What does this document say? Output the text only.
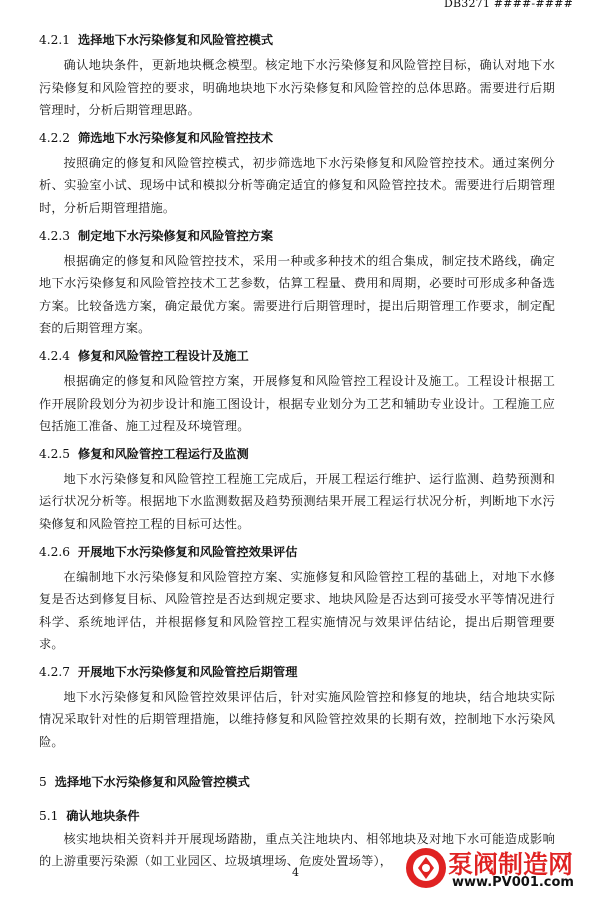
DB3271 ####-####
4.2.1 选择地下水污染修复和风险管控模式

确认地块条件，更新地块概念模型。核定地下水污染修复和风险管控目标，确认对地下水污染修复和风险管控的要求，明确地块地下水污染修复和风险管控的总体思路。需要进行后期管理时，分析后期管理思路。

4.2.2 筛选地下水污染修复和风险管控技术

按照确定的修复和风险管控模式，初步筛选地下水污染修复和风险管控技术。通过案例分析、实验室小试、现场中试和模拟分析等确定适宜的修复和风险管控技术。需要进行后期管理时，分析后期管理措施。

4.2.3 制定地下水污染修复和风险管控方案

根据确定的修复和风险管控技术，采用一种或多种技术的组合集成，制定技术路线，确定地下水污染修复和风险管控技术工艺参数，估算工程量、费用和周期，必要时可形成多种备选方案。比较备选方案，确定最优方案。需要进行后期管理时，提出后期管理工作要求，制定配套的后期管理方案。

4.2.4 修复和风险管控工程设计及施工

根据确定的修复和风险管控方案，开展修复和风险管控工程设计及施工。工程设计根据工作开展阶段划分为初步设计和施工图设计，根据专业划分为工艺和辅助专业设计。工程施工应包括施工准备、施工过程及环境管理。

4.2.5 修复和风险管控工程运行及监测

地下水污染修复和风险管控工程施工完成后，开展工程运行维护、运行监测、趋势预测和运行状况分析等。根据地下水监测数据及趋势预测结果开展工程运行状况分析，判断地下水污染修复和风险管控工程的目标可达性。

4.2.6 开展地下水污染修复和风险管控效果评估

在编制地下水污染修复和风险管控方案、实施修复和风险管控工程的基础上，对地下水修复是否达到修复目标、风险管控是否达到规定要求、地块风险是否达到可接受水平等情况进行科学、系统地评估，并根据修复和风险管控工程实施情况与效果评估结论，提出后期管理要求。

4.2.7 开展地下水污染修复和风险管控后期管理

地下水污染修复和风险管控效果评估后，针对实施风险管控和修复的地块，结合地块实际情况采取针对性的后期管理措施，以维持修复和风险管控效果的长期有效，控制地下水污染风险。

5 选择地下水污染修复和风险管控模式
5.1 确认地块条件

核实地块相关资料并开展现场踏勘，重点关注地块内、相邻地块及对地下水可能造成影响的上游重要污染源（如工业园区、垃圾填埋场、危废处置场等），

4	泵阀制造网
www.PV001.com
